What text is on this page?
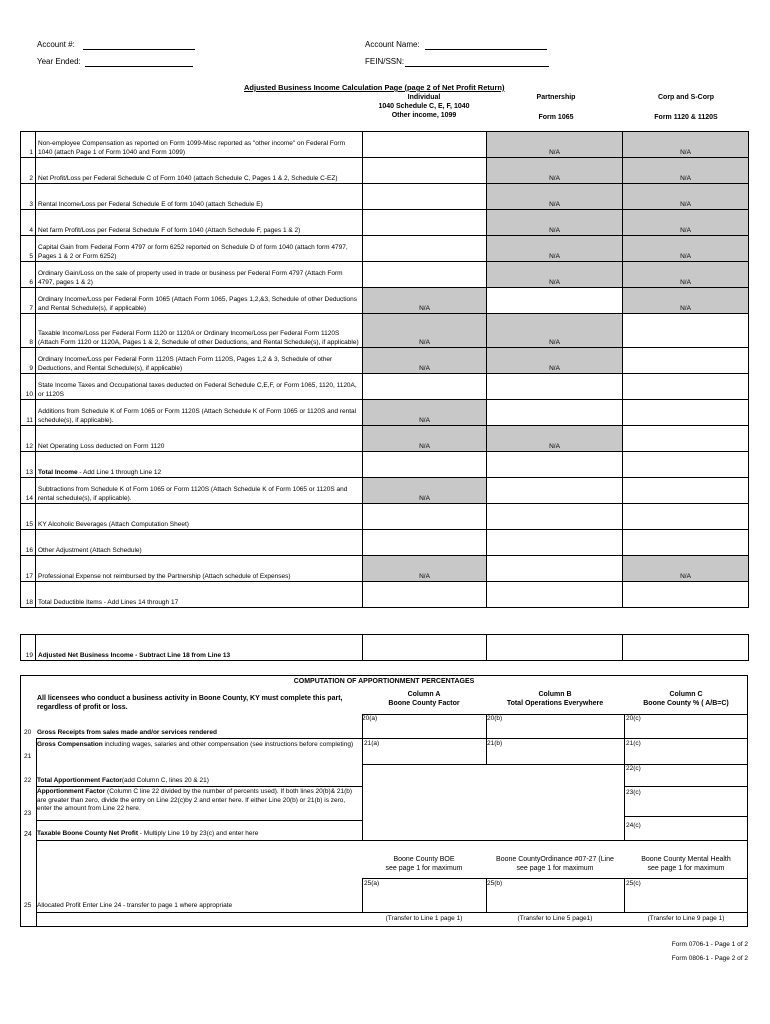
Account #:	Account Name:
Year Ended:	FEIN/SSN:
Adjusted Business Income Calculation Page (page 2 of Net Profit Return)
Individual
1040 Schedule C, E, F, 1040
Other income, 1099
Partnership
Form 1065
Corp and S-Corp
Form 1120 & 1120S
1	Non-employee Compensation as reported on Form 1099-Misc reported as "other income" on Federal Form 1040 (attach Page 1 of Form 1040 and Form 1099)		N/A	N/A
2	Net Profit/Loss per Federal Schedule C of Form 1040 (attach Schedule C, Pages 1 & 2, Schedule C-EZ)		N/A	N/A
3	Rental Income/Loss per Federal Schedule E of form 1040 (attach Schedule E)		N/A	N/A
4	Net farm Profit/Loss per Federal Schedule F of form 1040 (Attach Schedule F, pages 1 & 2)		N/A	N/A
5	Capital Gain from Federal Form 4797 or form 6252 reported on Schedule D of form 1040 (attach form 4797, Pages 1 & 2 or Form 6252)		N/A	N/A
6	Ordinary Gain/Loss on the sale of property used in trade or business per Federal Form 4797 (Attach Form 4797, pages 1 & 2)		N/A	N/A
7	Ordinary Income/Loss per Federal Form 1065 (Attach Form 1065, Pages 1,2,&3, Schedule of other Deductions and Rental Schedule(s), if applicable)	N/A		N/A
8	Taxable Income/Loss per Federal Form 1120 or 1120A or Ordinary Income/Loss per Federal Form 1120S (Attach Form 1120 or 1120A, Pages 1 & 2, Schedule of other Deductions, and Rental Schedule(s), if applicable)	N/A	N/A	
9	Ordinary Income/Loss per Federal Form 1120S (Attach Form 1120S, Pages 1,2 & 3, Schedule of other Deductions, and Rental Schedule(s), if applicable)	N/A	N/A	
10	State Income Taxes and Occupational taxes deducted on Federal Schedule C,E,F, or Form 1065, 1120, 1120A, or 1120S			
11	Additions from Schedule K of Form 1065 or Form 1120S (Attach Schedule K of Form 1065 or 1120S and rental schedule(s), if applicable).	N/A		
12	Net Operating Loss deducted on Form 1120	N/A	N/A	
13	Total Income - Add Line 1 through Line 12			
14	Subtractions from Schedule K of Form 1065 or Form 1120S (Attach Schedule K of Form 1065 or 1120S and rental schedule(s), if applicable).	N/A		
15	KY Alcoholic Beverages (Attach Computation Sheet)			
16	Other Adjustment (Attach Schedule)			
17	Professional Expense not reimbursed by the Partnership (Attach schedule of Expenses)	N/A		N/A
18	Total Deductible Items - Add Lines 14 through 17			
19	Adjusted Net Business Income - Subtract Line 18 from Line 13			
COMPUTATION OF APPORTIONMENT PERCENTAGES
All licensees who conduct a business activity in Boone County, KY must complete this part, regardless of profit or loss.
Column A
Boone County Factor
Column B
Total Operations Everywhere
Column C
Boone County % ( A/B=C)
20(a)	20(b)	20(c)
20 Gross Receipts from sales made and/or services rendered
21(a)	21(b)	21(c)
21
Gross Compensation including wages, salaries and other compensation (see instructions before completing)
22(c)
22 Total Apportionment Factor(add Column C, lines 20 & 21)
23(c)
23
Apportionment Factor (Column C line 22 divided by the number of percents used). If both lines 20(b)& 21(b) are greater than zero, divide the entry on Line 22(c)by 2 and enter here. If either Line 20(b) or 21(b) is zero, enter the amount from Line 22 here.
24(c)
24 Taxable Boone County Net Profit - Multiply Line 19 by 23(c) and enter here
Boone County BOE
see page 1 for maximum
Boone CountyOrdinance #07-27 (Line
see page 1 for maximum
Boone County Mental Health
see page 1 for maximum
25(a)	25(b)	25(c)
25 Allocated Profit Enter Line 24 - transfer to page 1 where appropriate
(Transfer to Line 1 page 1)	(Transfer to Line 5 page1)	(Transfer to Line 9 page 1)
Form 0706-1 - Page 1 of 2
Form 0806-1 - Page 2 of 2
